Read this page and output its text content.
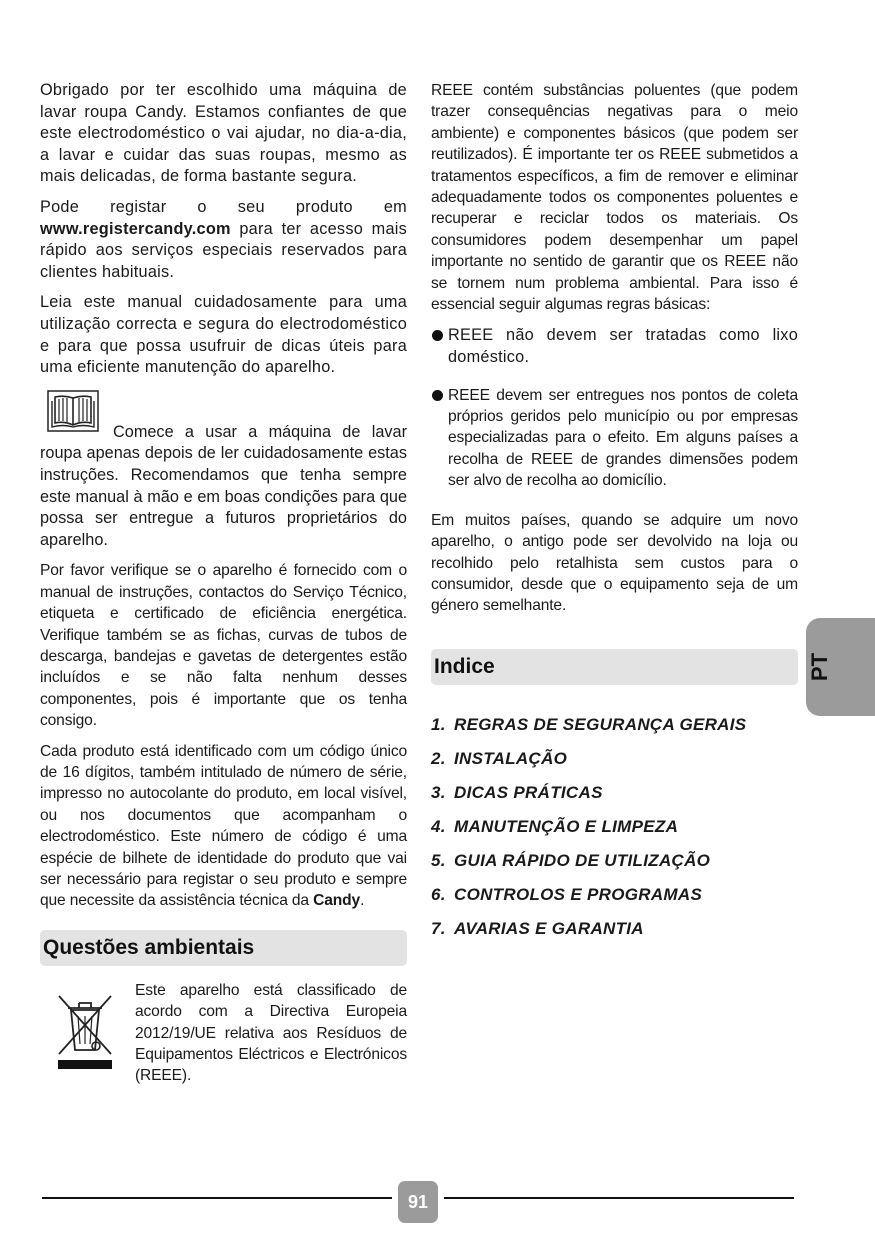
Obrigado por ter escolhido uma máquina de lavar roupa Candy. Estamos confiantes de que este electrodoméstico o vai ajudar, no dia-a-dia, a lavar e cuidar das suas roupas, mesmo as mais delicadas, de forma bastante segura.

Pode registar o seu produto em www.registercandy.com para ter acesso mais rápido aos serviços especiais reservados para clientes habituais.

Leia este manual cuidadosamente para uma utilização correcta e segura do electrodoméstico e para que possa usufruir de dicas úteis para uma eficiente manutenção do aparelho.

Comece a usar a máquina de lavar roupa apenas depois de ler cuidadosamente estas instruções. Recomendamos que tenha sempre este manual à mão e em boas condições para que possa ser entregue a futuros proprietários do aparelho.

Por favor verifique se o aparelho é fornecido com o manual de instruções, contactos do Serviço Técnico, etiqueta e certificado de eficiência energética. Verifique também se as fichas, curvas de tubos de descarga, bandejas e gavetas de detergentes estão incluídos e se não falta nenhum desses componentes, pois é importante que os tenha consigo.

Cada produto está identificado com um código único de 16 dígitos, também intitulado de número de série, impresso no autocolante do produto, em local visível, ou nos documentos que acompanham o electrodoméstico. Este número de código é uma espécie de bilhete de identidade do produto que vai ser necessário para registar o seu produto e sempre que necessite da assistência técnica da Candy.

Questões ambientais

Este aparelho está classificado de acordo com a Directiva Europeia 2012/19/UE relativa aos Resíduos de Equipamentos Eléctricos e Electrónicos (REEE).

REEE contém substâncias poluentes (que podem trazer consequências negativas para o meio ambiente) e componentes básicos (que podem ser reutilizados). É importante ter os REEE submetidos a tratamentos específicos, a fim de remover e eliminar adequadamente todos os componentes poluentes e recuperar e reciclar todos os materiais. Os consumidores podem desempenhar um papel importante no sentido de garantir que os REEE não se tornem num problema ambiental. Para isso é essencial seguir algumas regras básicas:

REEE não devem ser tratadas como lixo doméstico.

REEE devem ser entregues nos pontos de coleta próprios geridos pelo município ou por empresas especializadas para o efeito. Em alguns países a recolha de REEE de grandes dimensões podem ser alvo de recolha ao domicílio.

Em muitos países, quando se adquire um novo aparelho, o antigo pode ser devolvido na loja ou recolhido pelo retalhista sem custos para o consumidor, desde que o equipamento seja de um género semelhante.

Indice
1. REGRAS DE SEGURANÇA GERAIS
2. INSTALAÇÃO
3. DICAS PRÁTICAS
4. MANUTENÇÃO E LIMPEZA
5. GUIA RÁPIDO DE UTILIZAÇÃO
6. CONTROLOS E PROGRAMAS
7. AVARIAS E GARANTIA
PT
91
